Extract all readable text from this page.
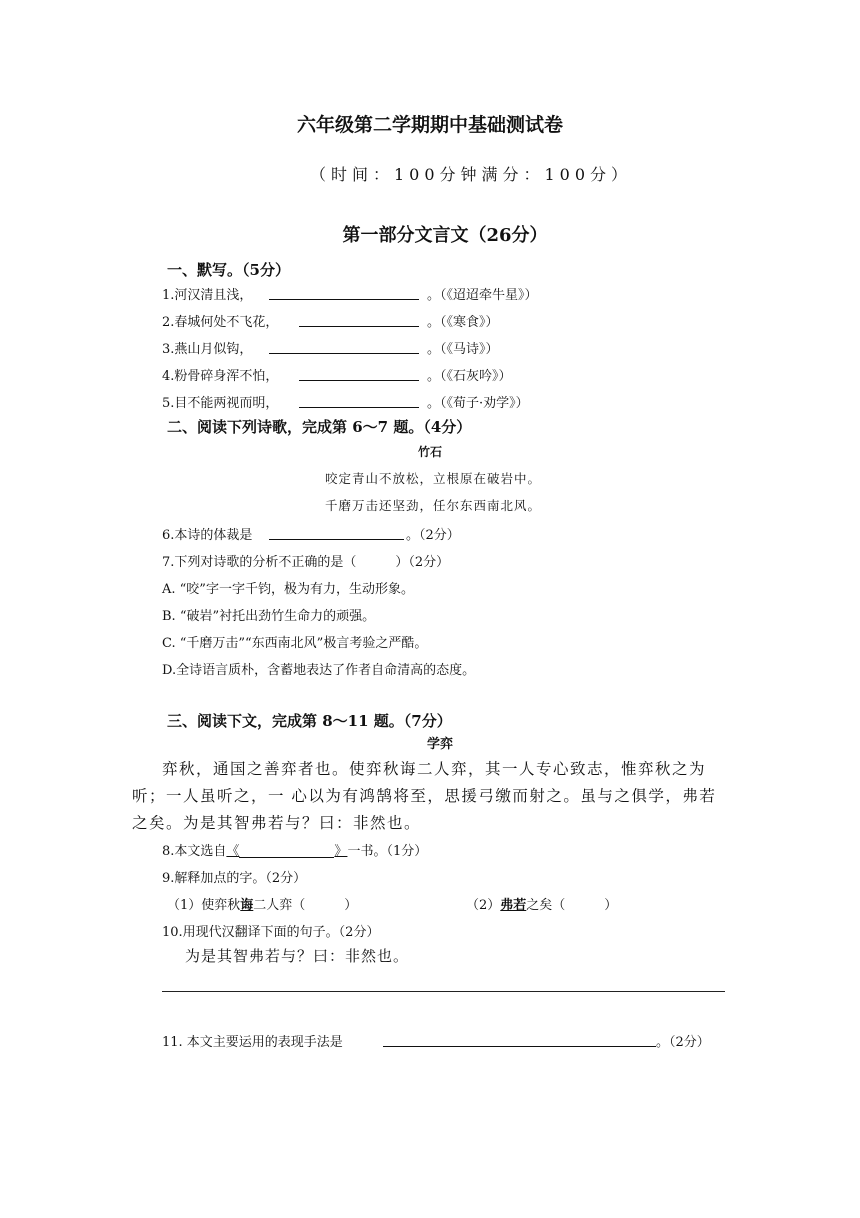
六年级第二学期期中基础测试卷
（时间：100分钟满分：100分）
第一部分文言文（26分）
一、默写。（5分）
1.河汉清且浅，	。（《迢迢牵牛星》）
2.春城何处不飞花，	。（《寒食》）
3.燕山月似钩，	。（《马诗》）
4.粉骨碎身浑不怕，	。（《石灰吟》）
5.目不能两视而明，	。（《荀子·劝学》）
二、阅读下列诗歌，完成第 6～7 题。（4分）
竹石
咬定青山不放松，立根原在破岩中。
千磨万击还坚劲，任尔东西南北风。
6.本诗的体裁是	。（2分）
7.下列对诗歌的分析不正确的是（　　　）（2分）
A. “咬”字一字千钧，极为有力，生动形象。
B. “破岩”衬托出劲竹生命力的顽强。
C. “千磨万击”“东西南北风”极言考验之严酷。
D.全诗语言质朴，含蓄地表达了作者自命清高的态度。
三、阅读下文，完成第 8～11 题。（7分）
学弈
弈秋，通国之善弈者也。使弈秋诲二人弈，其一人专心致志，惟弈秋之为
听；一人虽听之，一 心以为有鸿鹄将至，思援弓缴而射之。虽与之俱学，弗若
之矣。为是其智弗若与？曰：非然也。
8.本文选自《	》一书。（1分）
9.解释加点的字。（2分）
（1）使弈秋诲二人弈（　　　）	（2）弗若之矣（　　　）
10.用现代汉翻译下面的句子。（2分）
为是其智弗若与？曰：非然也。
11. 本文主要运用的表现手法是	。（2分）
